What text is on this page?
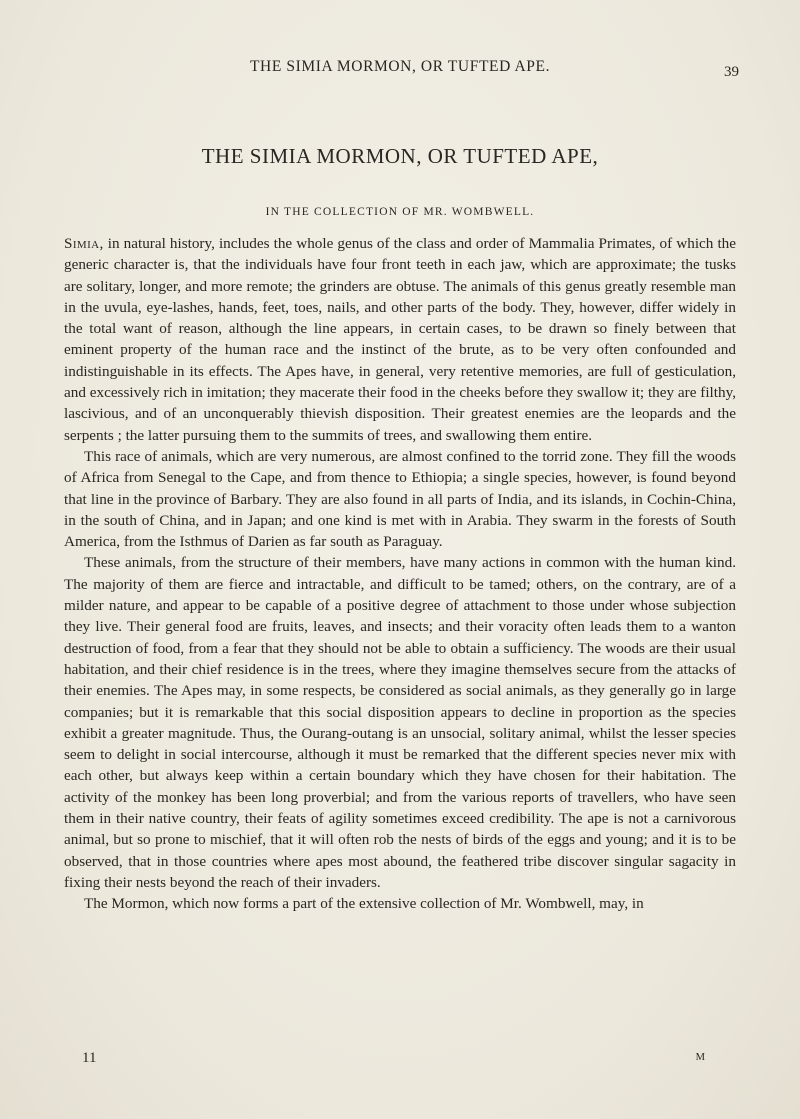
THE SIMIA MORMON, OR TUFTED APE.	39
THE SIMIA MORMON, OR TUFTED APE,
IN THE COLLECTION OF MR. WOMBWELL.

Simia, in natural history, includes the whole genus of the class and order of Mammalia Primates, of which the generic character is, that the individuals have four front teeth in each jaw, which are approximate; the tusks are solitary, longer, and more remote; the grinders are obtuse. The animals of this genus greatly resemble man in the uvula, eye-lashes, hands, feet, toes, nails, and other parts of the body. They, however, differ widely in the total want of reason, although the line appears, in certain cases, to be drawn so finely between that eminent property of the human race and the instinct of the brute, as to be very often confounded and indistinguishable in its effects. The Apes have, in general, very retentive memories, are full of gesticulation, and excessively rich in imitation; they macerate their food in the cheeks before they swallow it; they are filthy, lascivious, and of an unconquerably thievish disposition. Their greatest enemies are the leopards and the serpents ; the latter pursuing them to the summits of trees, and swallowing them entire.

This race of animals, which are very numerous, are almost confined to the torrid zone. They fill the woods of Africa from Senegal to the Cape, and from thence to Ethiopia; a single species, however, is found beyond that line in the province of Barbary. They are also found in all parts of India, and its islands, in Cochin-China, in the south of China, and in Japan; and one kind is met with in Arabia. They swarm in the forests of South America, from the Isthmus of Darien as far south as Paraguay.

These animals, from the structure of their members, have many actions in common with the human kind. The majority of them are fierce and intractable, and difficult to be tamed; others, on the contrary, are of a milder nature, and appear to be capable of a positive degree of attachment to those under whose subjection they live. Their general food are fruits, leaves, and insects; and their voracity often leads them to a wanton destruction of food, from a fear that they should not be able to obtain a sufficiency. The woods are their usual habitation, and their chief residence is in the trees, where they imagine themselves secure from the attacks of their enemies. The Apes may, in some respects, be considered as social animals, as they generally go in large companies; but it is remarkable that this social disposition appears to decline in proportion as the species exhibit a greater magnitude. Thus, the Ourang-outang is an unsocial, solitary animal, whilst the lesser species seem to delight in social intercourse, although it must be remarked that the different species never mix with each other, but always keep within a certain boundary which they have chosen for their habitation. The activity of the monkey has been long proverbial; and from the various reports of travellers, who have seen them in their native country, their feats of agility sometimes exceed credibility. The ape is not a carnivorous animal, but so prone to mischief, that it will often rob the nests of birds of the eggs and young; and it is to be observed, that in those countries where apes most abound, the feathered tribe discover singular sagacity in fixing their nests beyond the reach of their invaders.

The Mormon, which now forms a part of the extensive collection of Mr. Wombwell, may, in

11	M
